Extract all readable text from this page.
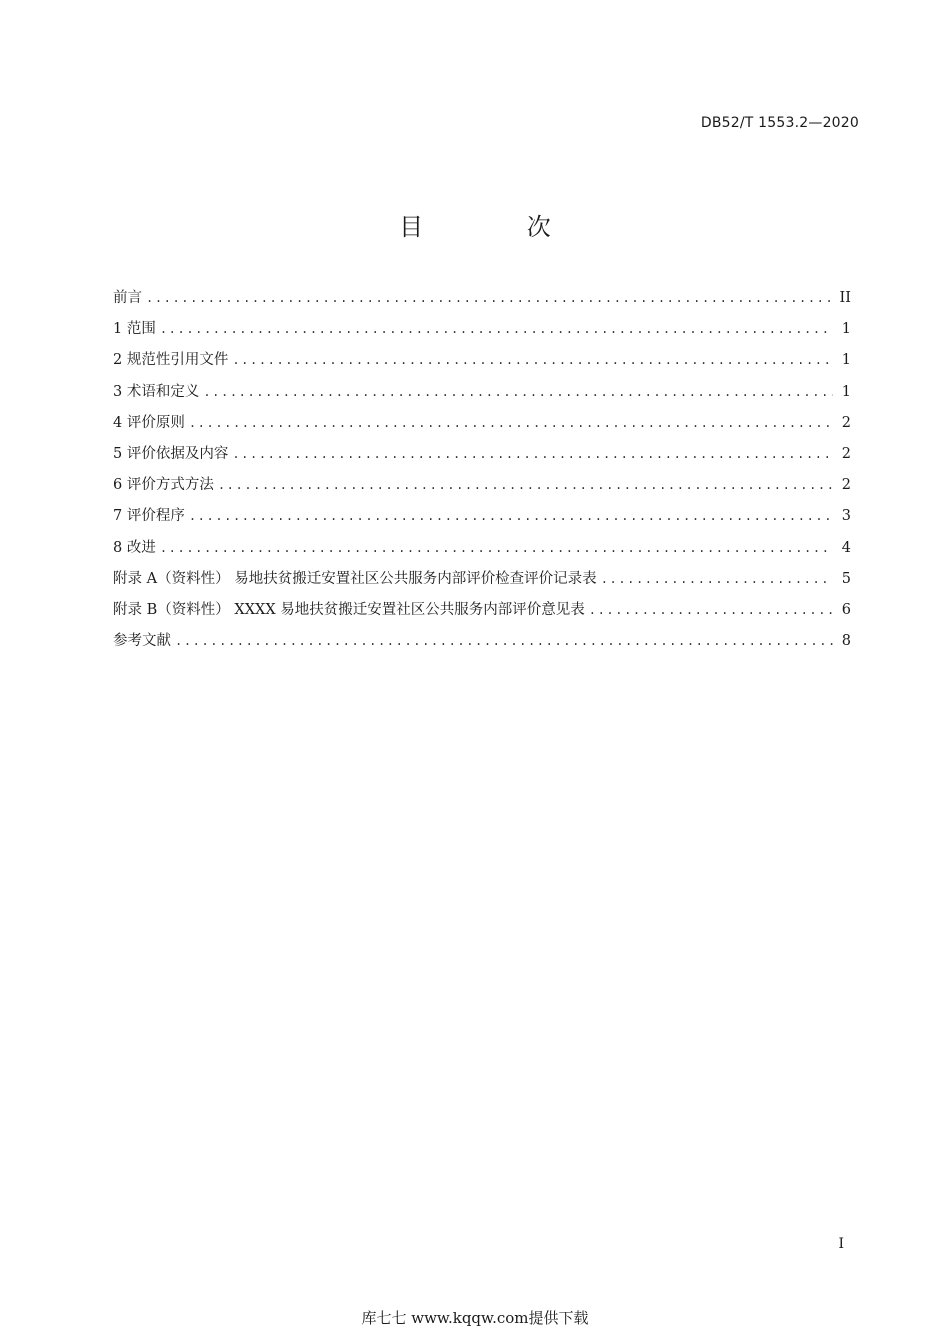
DB52/T 1553.2—2020
目 次
前言 .....	II
1 范围 .....	1
2 规范性引用文件 .....	1
3 术语和定义 .....	1
4 评价原则 .....	2
5 评价依据及内容 .....	2
6 评价方式方法 .....	2
7 评价程序 .....	3
8 改进 .....	4
附录 A（资料性） 易地扶贫搬迁安置社区公共服务内部评价检查评价记录表 .....	5
附录 B（资料性） XXXX 易地扶贫搬迁安置社区公共服务内部评价意见表 .....	6
参考文献 .....	8
I
库七七 www.kqqw.com提供下载
